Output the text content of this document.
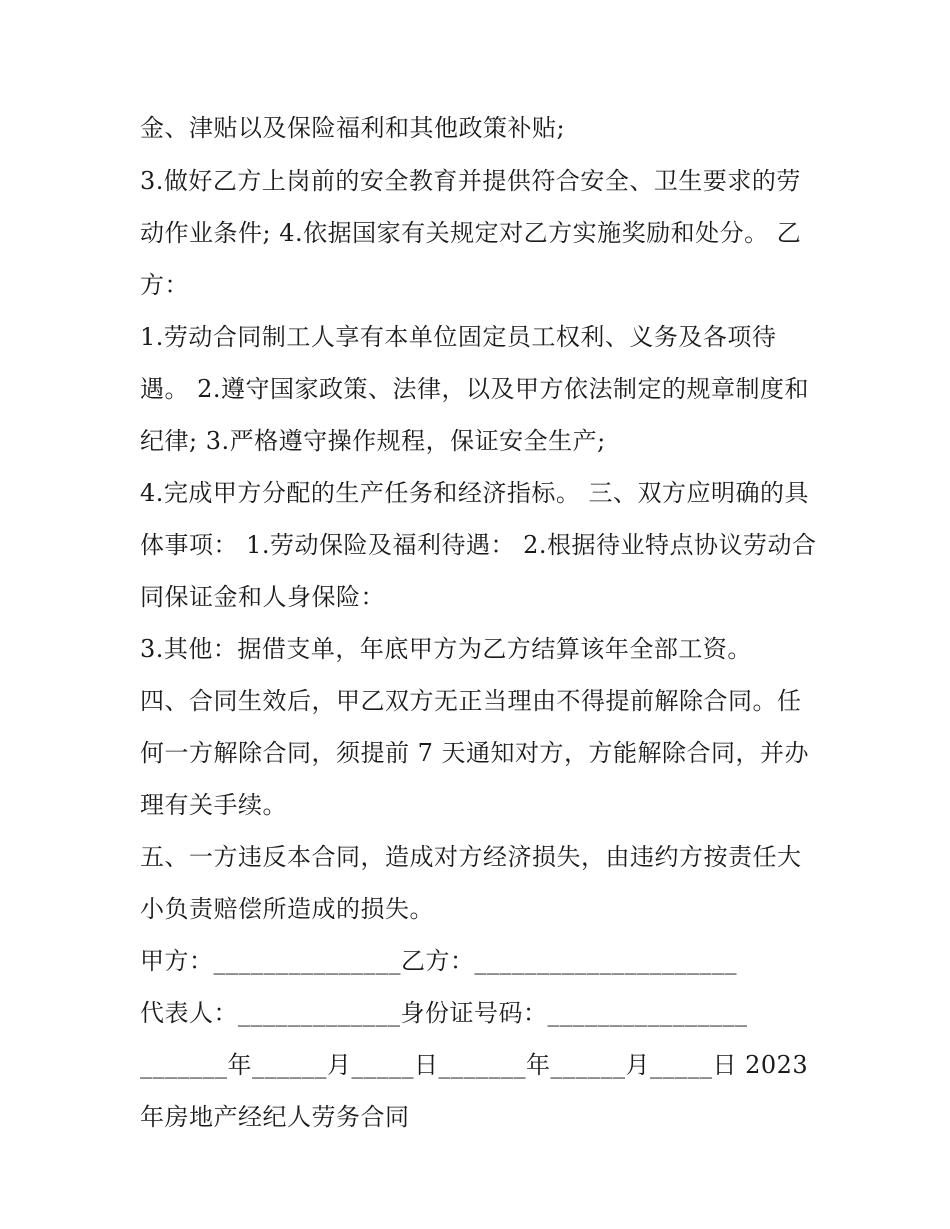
金、津贴以及保险福利和其他政策补贴;
3.做好乙方上岗前的安全教育并提供符合安全、卫生要求的劳
动作业条件; 4.依据国家有关规定对乙方实施奖励和处分。 乙
方：
1.劳动合同制工人享有本单位固定员工权利、义务及各项待
遇。 2.遵守国家政策、法律，以及甲方依法制定的规章制度和
纪律; 3.严格遵守操作规程，保证安全生产;
4.完成甲方分配的生产任务和经济指标。 三、双方应明确的具
体事项： 1.劳动保险及福利待遇： 2.根据待业特点协议劳动合
同保证金和人身保险：
3.其他：据借支单，年底甲方为乙方结算该年全部工资。
四、合同生效后，甲乙双方无正当理由不得提前解除合同。任
何一方解除合同，须提前 7 天通知对方，方能解除合同，并办
理有关手续。
五、一方违反本合同，造成对方经济损失，由违约方按责任大
小负责赔偿所造成的损失。
甲方：_______________乙方：_____________________
代表人：_____________身份证号码：________________
_______年______月_____日_______年______月_____日 2023
年房地产经纪人劳务合同
